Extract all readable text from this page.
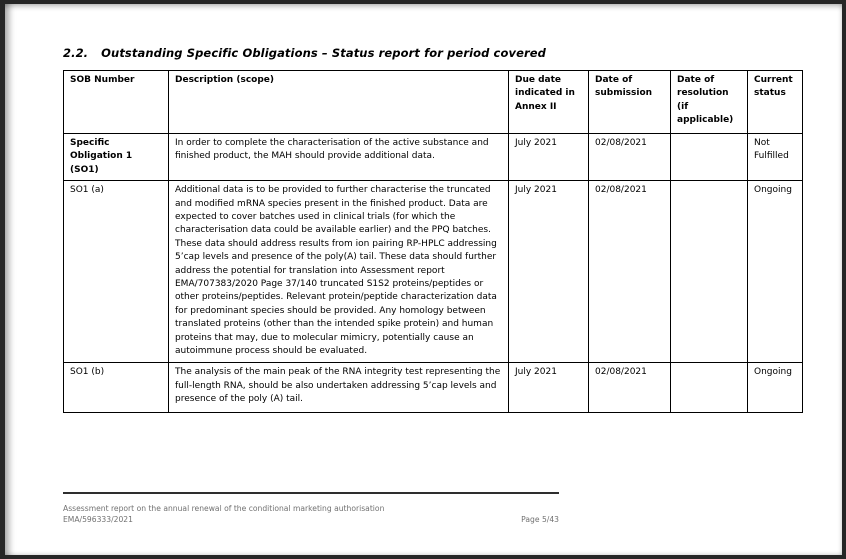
2.2. Outstanding Specific Obligations – Status report for period covered
SOB Number	Description (scope)	Due date indicated in Annex II	Date of submission	Date of resolution (if applicable)	Current status
Specific Obligation 1 (SO1)	In order to complete the characterisation of the active substance and finished product, the MAH should provide additional data.	July 2021	02/08/2021		Not Fulfilled
SO1 (a)	Additional data is to be provided to further characterise the truncated and modified mRNA species present in the finished product. Data are expected to cover batches used in clinical trials (for which the characterisation data could be available earlier) and the PPQ batches. These data should address results from ion pairing RP-HPLC addressing 5’cap levels and presence of the poly(A) tail. These data should further address the potential for translation into Assessment report EMA/707383/2020 Page 37/140 truncated S1S2 proteins/peptides or other proteins/peptides. Relevant protein/peptide characterization data for predominant species should be provided. Any homology between translated proteins (other than the intended spike protein) and human proteins that may, due to molecular mimicry, potentially cause an autoimmune process should be evaluated.	July 2021	02/08/2021		Ongoing
SO1 (b)	The analysis of the main peak of the RNA integrity test representing the full-length RNA, should be also undertaken addressing 5’cap levels and presence of the poly (A) tail.	July 2021	02/08/2021		Ongoing
Assessment report on the annual renewal of the conditional marketing authorisation
EMA/596333/2021	Page 5/43
